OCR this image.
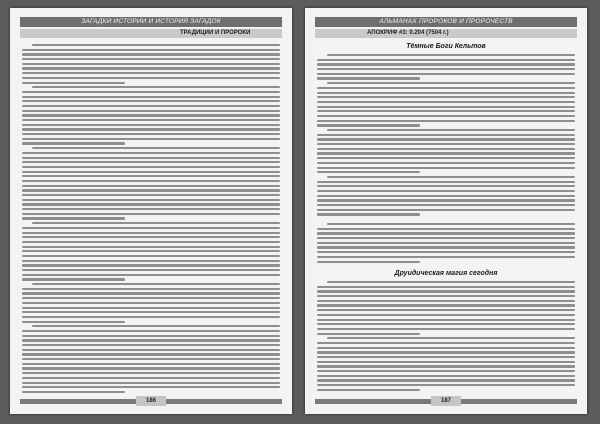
ЗАГАДКИ ИСТОРИИ И ИСТОРИЯ ЗАГАДОК
ТРАДИЦИИ И ПРОРОКИ
186
АЛЬМАНАХ ПРОРОКОВ И ПРОРОЧЕСТВ
АПОКРИФ #3: 0.204 (7504 г.)
Тёмные Боги Кельтов
Друидическая магия сегодня
187
